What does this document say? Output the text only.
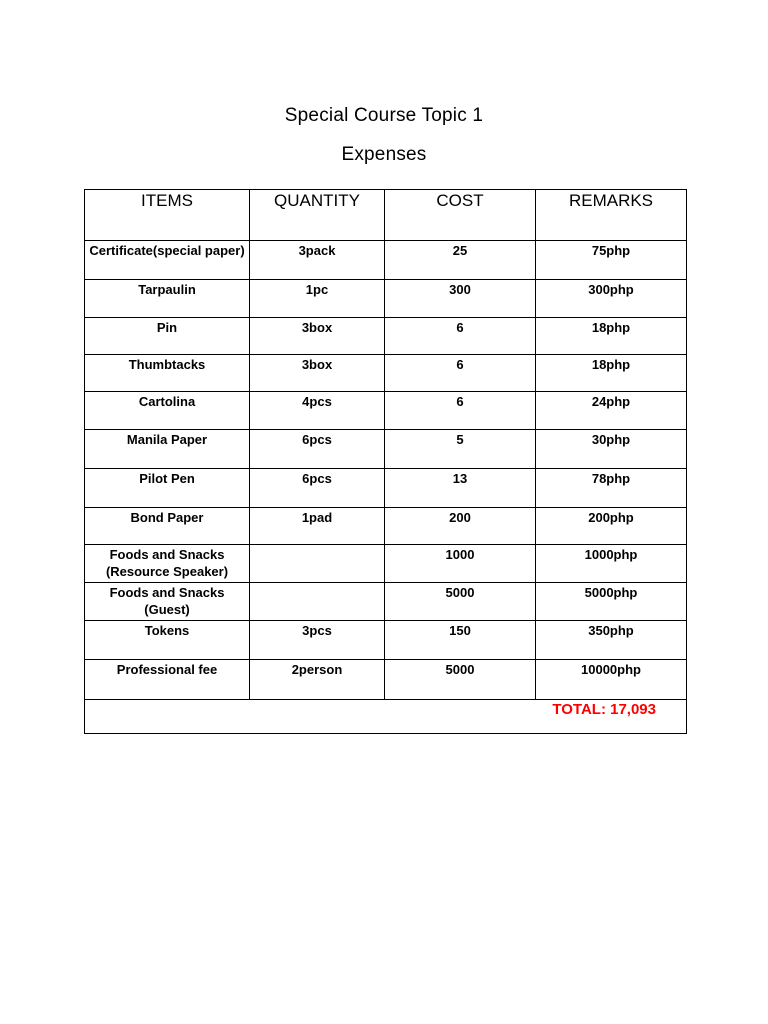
Special Course Topic 1
Expenses
ITEMS	QUANTITY	COST	REMARKS
Certificate(special paper)	3pack	25	75php
Tarpaulin	1pc	300	300php
Pin	3box	6	18php
Thumbtacks	3box	6	18php
Cartolina	4pcs	6	24php
Manila Paper	6pcs	5	30php
Pilot Pen	6pcs	13	78php
Bond Paper	1pad	200	200php
Foods and Snacks (Resource Speaker)		1000	1000php
Foods and Snacks (Guest)		5000	5000php
Tokens	3pcs	150	350php
Professional fee	2person	5000	10000php
TOTAL: 17,093			
